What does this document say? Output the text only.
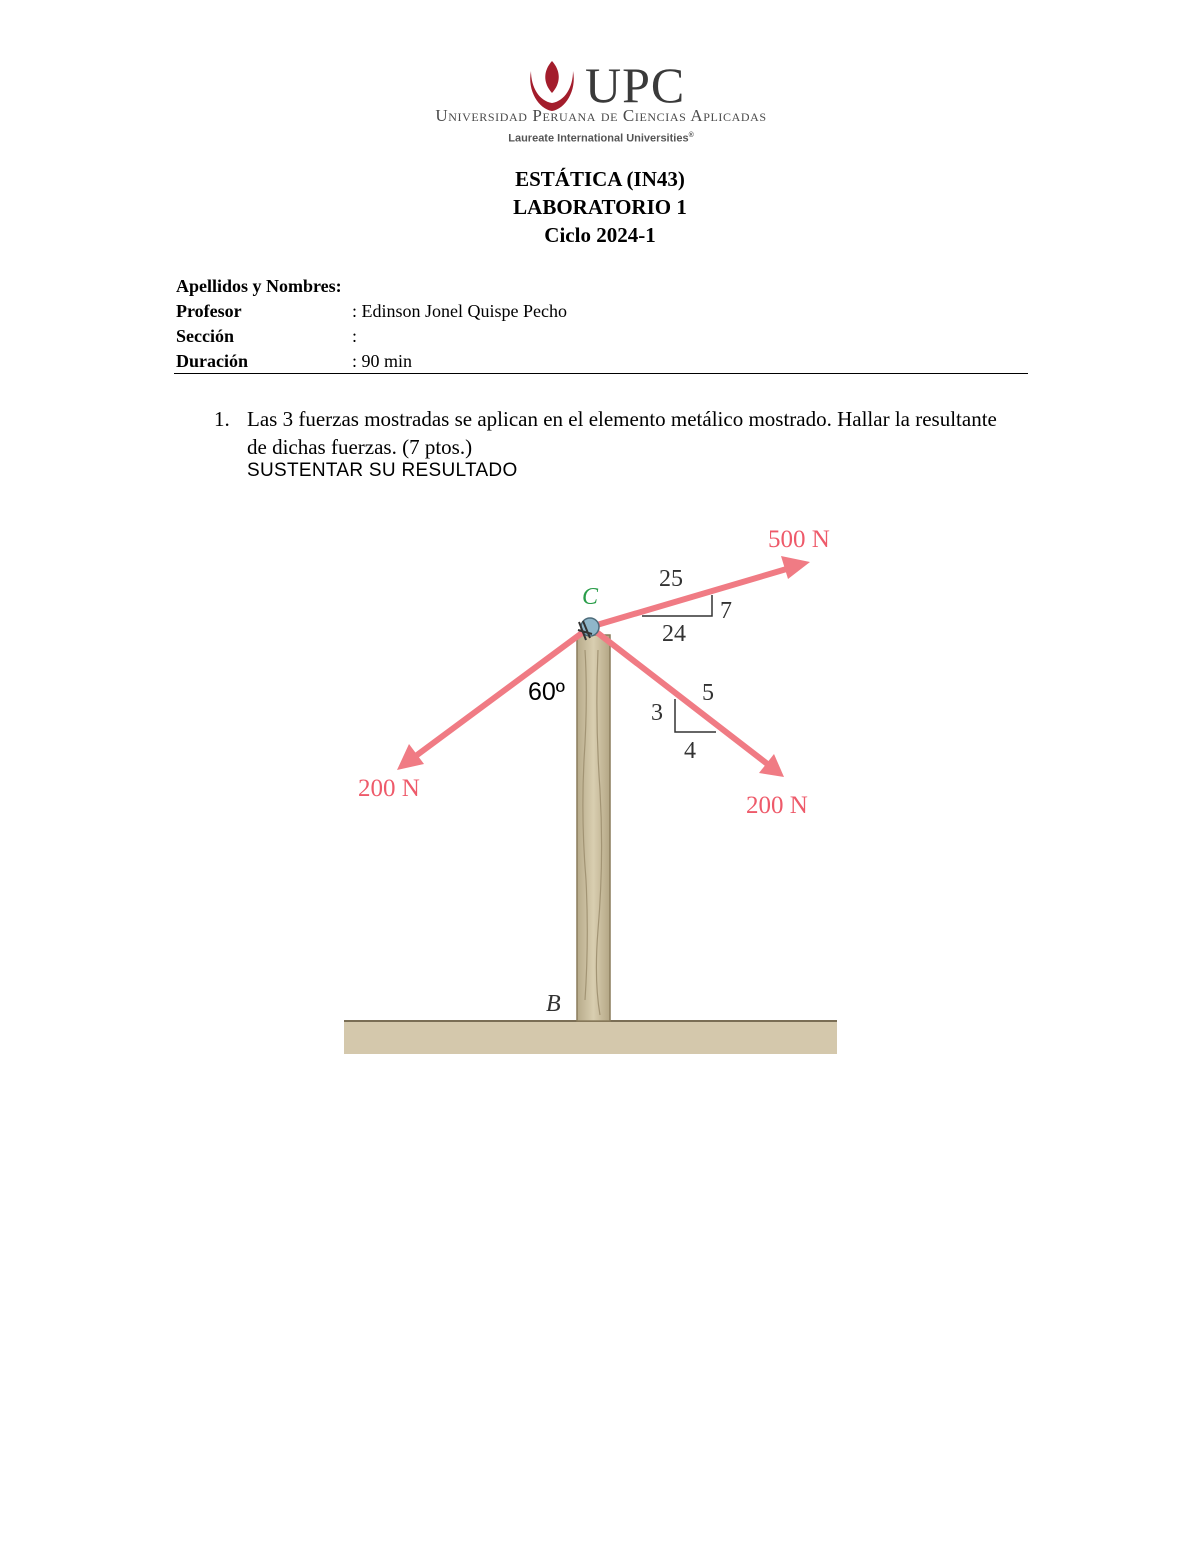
UPC
Universidad Peruana de Ciencias Aplicadas
Laureate International Universities®
ESTÁTICA (IN43)
LABORATORIO 1
Ciclo 2024-1
Apellidos y Nombres:
Profesor	: Edinson Jonel Quispe Pecho
Sección	:
Duración	: 90 min
1. Las 3 fuerzas mostradas se aplican en el elemento metálico mostrado. Hallar la resultante de dichas fuerzas. (7 ptos.)
SUSTENTAR SU RESULTADO
C
B
500 N
200 N
200 N
60º
25
7
24
5
3
4
